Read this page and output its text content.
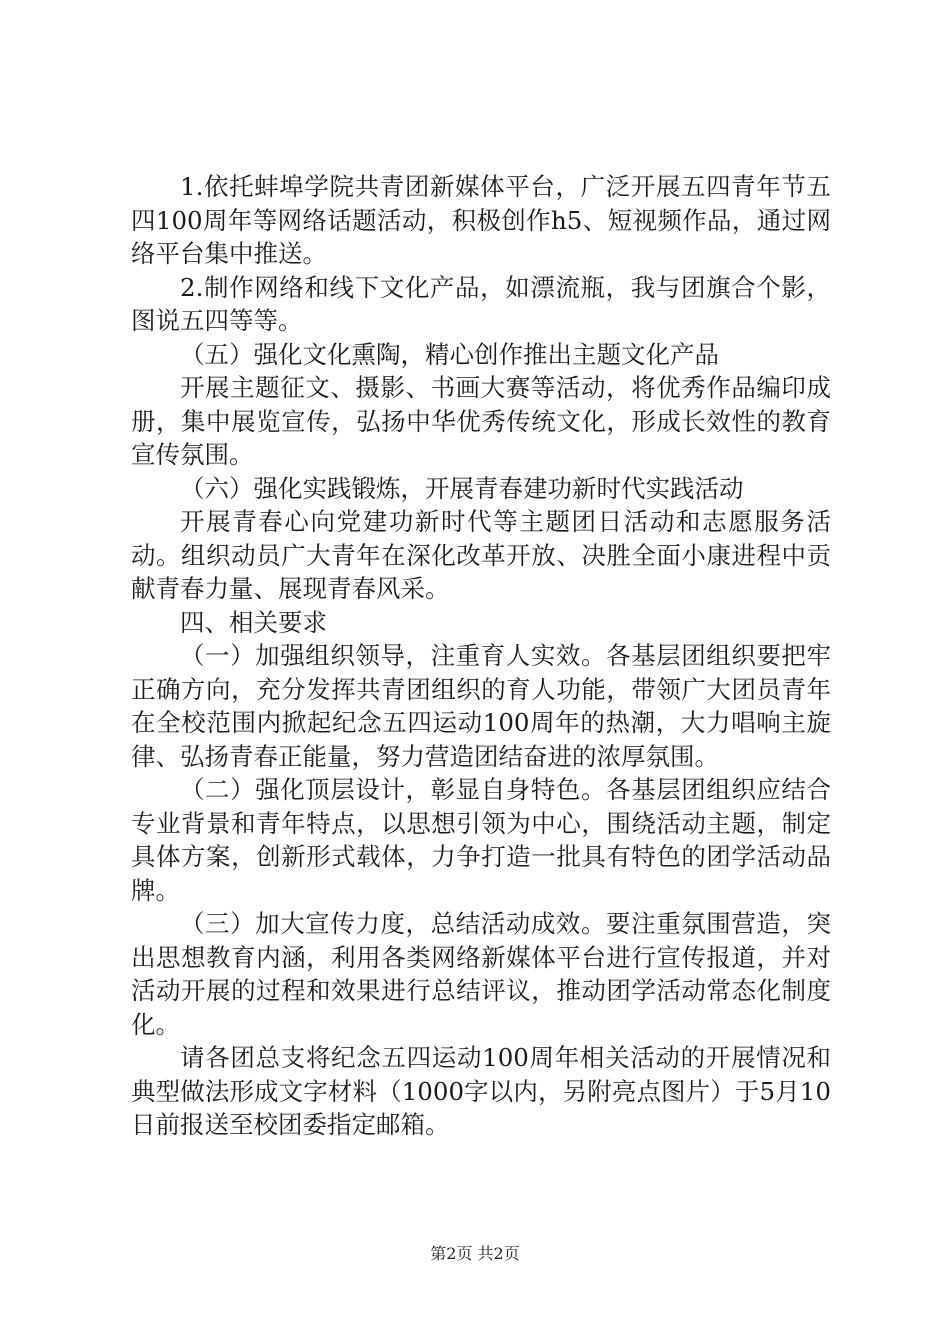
1.依托蚌埠学院共青团新媒体平台，广泛开展五四青年节五四100周年等网络话题活动，积极创作h5、短视频作品，通过网络平台集中推送。

2.制作网络和线下文化产品，如漂流瓶，我与团旗合个影，图说五四等等。

（五）强化文化熏陶，精心创作推出主题文化产品

开展主题征文、摄影、书画大赛等活动，将优秀作品编印成册，集中展览宣传，弘扬中华优秀传统文化，形成长效性的教育宣传氛围。

（六）强化实践锻炼，开展青春建功新时代实践活动

开展青春心向党建功新时代等主题团日活动和志愿服务活动。组织动员广大青年在深化改革开放、决胜全面小康进程中贡献青春力量、展现青春风采。

四、相关要求

（一）加强组织领导，注重育人实效。各基层团组织要把牢正确方向，充分发挥共青团组织的育人功能，带领广大团员青年在全校范围内掀起纪念五四运动100周年的热潮，大力唱响主旋律、弘扬青春正能量，努力营造团结奋进的浓厚氛围。

（二）强化顶层设计，彰显自身特色。各基层团组织应结合专业背景和青年特点，以思想引领为中心，围绕活动主题，制定具体方案，创新形式载体，力争打造一批具有特色的团学活动品牌。

（三）加大宣传力度，总结活动成效。要注重氛围营造，突出思想教育内涵，利用各类网络新媒体平台进行宣传报道，并对活动开展的过程和效果进行总结评议，推动团学活动常态化制度化。

请各团总支将纪念五四运动100周年相关活动的开展情况和典型做法形成文字材料（1000字以内，另附亮点图片）于5月10日前报送至校团委指定邮箱。

第2页 共2页
